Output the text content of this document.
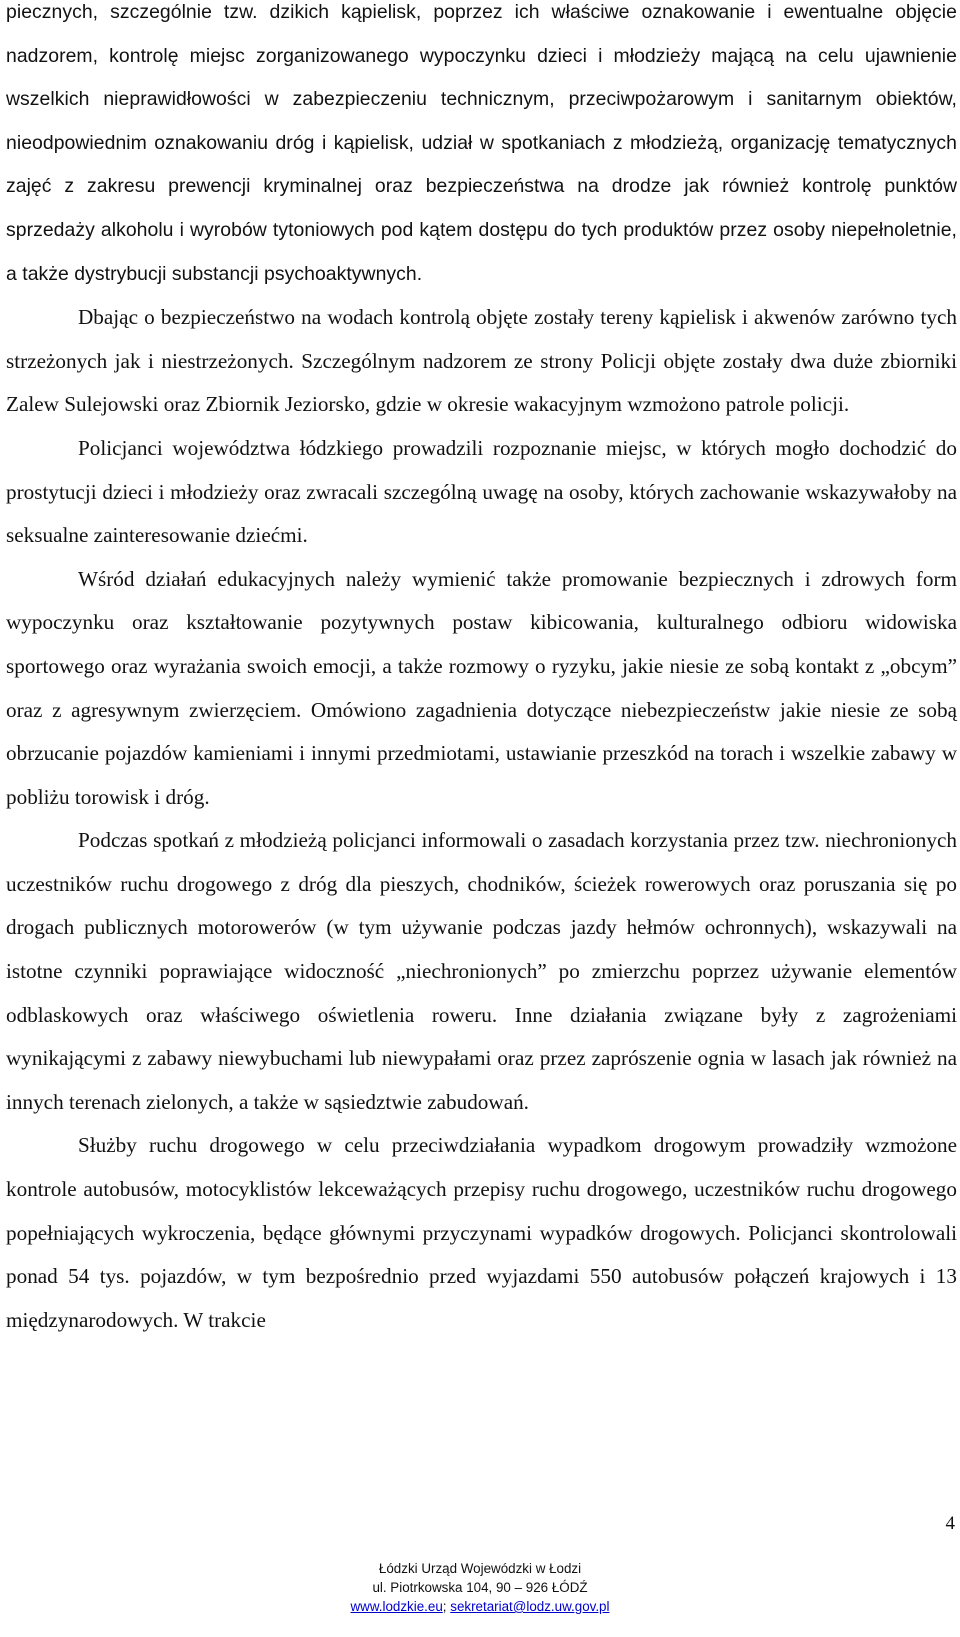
piecznych, szczególnie tzw. dzikich kąpielisk, poprzez ich właściwe oznakowanie i ewentualne objęcie nadzorem, kontrolę miejsc zorganizowanego wypoczynku dzieci i młodzieży mającą na celu ujawnienie wszelkich nieprawidłowości w zabezpieczeniu technicznym, przeciwpożarowym i sanitarnym obiektów, nieodpowiednim oznakowaniu dróg i kąpielisk, udział w spotkaniach z młodzieżą, organizację tematycznych zajęć z zakresu prewencji kryminalnej oraz bezpieczeństwa na drodze jak również kontrolę punktów sprzedaży alkoholu i wyrobów tytoniowych pod kątem dostępu do tych produktów przez osoby niepełnoletnie, a także dystrybucji substancji psychoaktywnych.

Dbając o bezpieczeństwo na wodach kontrolą objęte zostały tereny kąpielisk i akwenów zarówno tych strzeżonych jak i niestrzeżonych. Szczególnym nadzorem ze strony Policji objęte zostały dwa duże zbiorniki Zalew Sulejowski oraz Zbiornik Jeziorsko, gdzie w okresie wakacyjnym wzmożono patrole policji.

Policjanci województwa łódzkiego prowadzili rozpoznanie miejsc, w których mogło dochodzić do prostytucji dzieci i młodzieży oraz zwracali szczególną uwagę na osoby, których zachowanie wskazywałoby na seksualne zainteresowanie dziećmi.

Wśród działań edukacyjnych należy wymienić także promowanie bezpiecznych i zdrowych form wypoczynku oraz kształtowanie pozytywnych postaw kibicowania, kulturalnego odbioru widowiska sportowego oraz wyrażania swoich emocji, a także rozmowy o ryzyku, jakie niesie ze sobą kontakt z „obcym” oraz z agresywnym zwierzęciem. Omówiono zagadnienia dotyczące niebezpieczeństw jakie niesie ze sobą obrzucanie pojazdów kamieniami i innymi przedmiotami, ustawianie przeszkód na torach i wszelkie zabawy w pobliżu torowisk i dróg.

Podczas spotkań z młodzieżą policjanci informowali o zasadach korzystania przez tzw. niechronionych uczestników ruchu drogowego z dróg dla pieszych, chodników, ścieżek rowerowych oraz poruszania się po drogach publicznych motorowerów (w tym używanie podczas jazdy hełmów ochronnych), wskazywali na istotne czynniki poprawiające widoczność „niechronionych” po zmierzchu poprzez używanie elementów odblaskowych oraz właściwego oświetlenia roweru. Inne działania związane były z zagrożeniami wynikającymi z zabawy niewybuchami lub niewypałami oraz przez zaprószenie ognia w lasach jak również na innych terenach zielonych, a także w sąsiedztwie zabudowań.

Służby ruchu drogowego w celu przeciwdziałania wypadkom drogowym prowadziły wzmożone kontrole autobusów, motocyklistów lekceważących przepisy ruchu drogowego, uczestników ruchu drogowego popełniających wykroczenia, będące głównymi przyczynami wypadków drogowych. Policjanci skontrolowali ponad 54 tys. pojazdów, w tym bezpośrednio przed wyjazdami 550 autobusów połączeń krajowych i 13 międzynarodowych. W trakcie

4
Łódzki Urząd Wojewódzki w Łodzi
ul. Piotrkowska 104, 90 – 926 ŁÓDŹ
www.lodzkie.eu; sekretariat@lodz.uw.gov.pl
